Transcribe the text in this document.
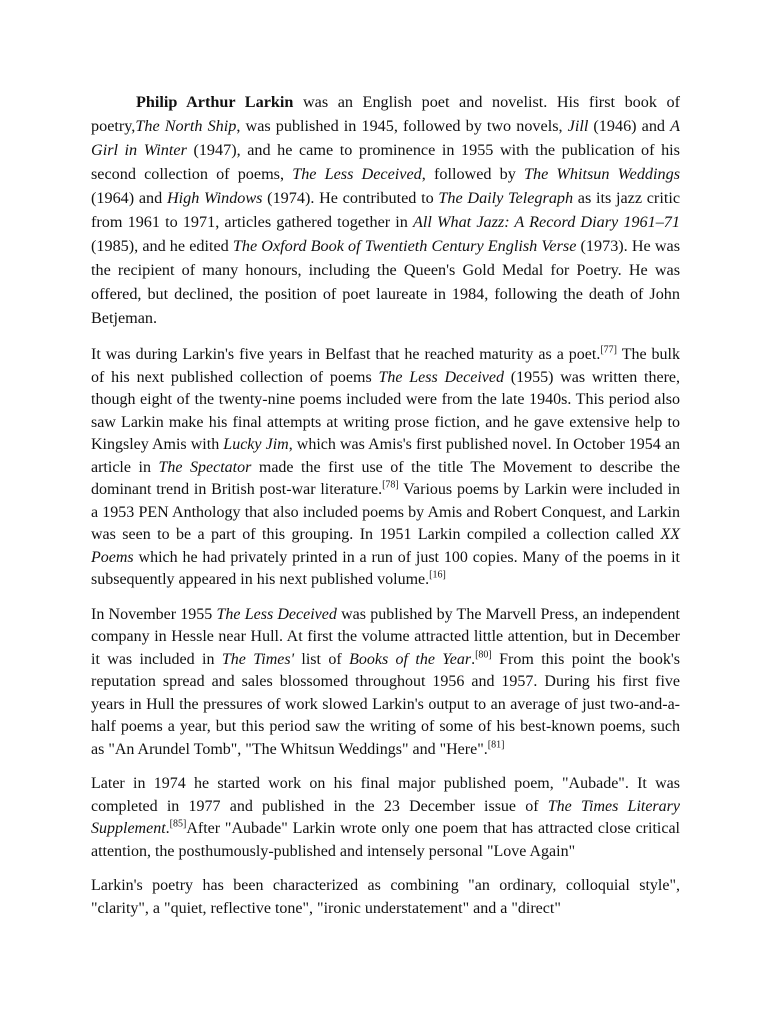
Philip Arthur Larkin was an English poet and novelist. His first book of poetry,The North Ship, was published in 1945, followed by two novels, Jill (1946) and A Girl in Winter (1947), and he came to prominence in 1955 with the publication of his second collection of poems, The Less Deceived, followed by The Whitsun Weddings (1964) and High Windows (1974). He contributed to The Daily Telegraph as its jazz critic from 1961 to 1971, articles gathered together in All What Jazz: A Record Diary 1961–71 (1985), and he edited The Oxford Book of Twentieth Century English Verse (1973). He was the recipient of many honours, including the Queen's Gold Medal for Poetry. He was offered, but declined, the position of poet laureate in 1984, following the death of John Betjeman.

It was during Larkin's five years in Belfast that he reached maturity as a poet.[77] The bulk of his next published collection of poems The Less Deceived (1955) was written there, though eight of the twenty-nine poems included were from the late 1940s. This period also saw Larkin make his final attempts at writing prose fiction, and he gave extensive help to Kingsley Amis with Lucky Jim, which was Amis's first published novel. In October 1954 an article in The Spectator made the first use of the title The Movement to describe the dominant trend in British post-war literature.[78] Various poems by Larkin were included in a 1953 PEN Anthology that also included poems by Amis and Robert Conquest, and Larkin was seen to be a part of this grouping. In 1951 Larkin compiled a collection called XX Poems which he had privately printed in a run of just 100 copies. Many of the poems in it subsequently appeared in his next published volume.[16]

In November 1955 The Less Deceived was published by The Marvell Press, an independent company in Hessle near Hull. At first the volume attracted little attention, but in December it was included in The Times' list of Books of the Year.[80] From this point the book's reputation spread and sales blossomed throughout 1956 and 1957. During his first five years in Hull the pressures of work slowed Larkin's output to an average of just two-and-a-half poems a year, but this period saw the writing of some of his best-known poems, such as "An Arundel Tomb", "The Whitsun Weddings" and "Here".[81]

Later in 1974 he started work on his final major published poem, "Aubade". It was completed in 1977 and published in the 23 December issue of The Times Literary Supplement.[85]After "Aubade" Larkin wrote only one poem that has attracted close critical attention, the posthumously-published and intensely personal "Love Again"

Larkin's poetry has been characterized as combining "an ordinary, colloquial style", "clarity", a "quiet, reflective tone", "ironic understatement" and a "direct"
